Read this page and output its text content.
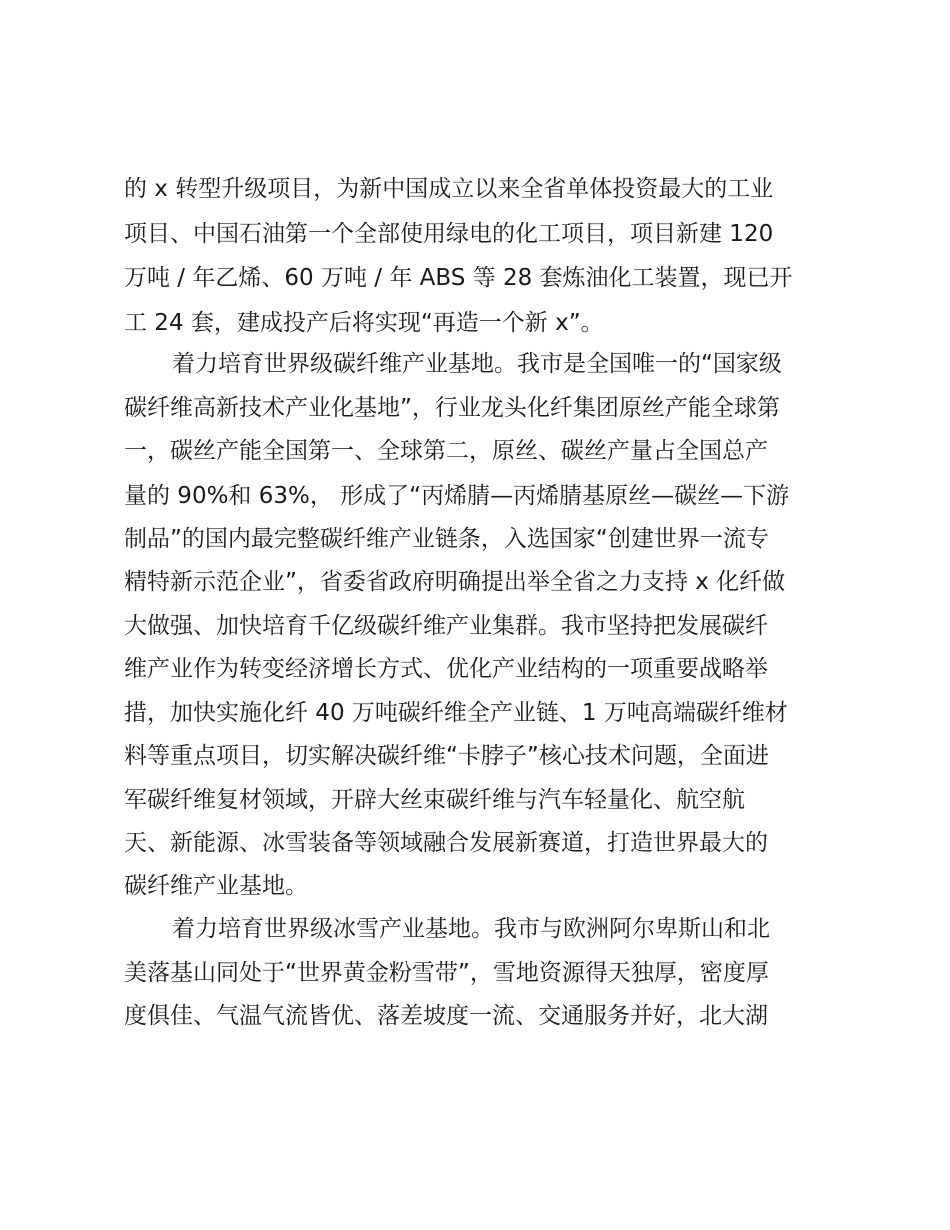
的 x 转型升级项目，为新中国成立以来全省单体投资最大的工业

项目、中国石油第一个全部使用绿电的化工项目，项目新建 120

万吨 / 年乙烯、60 万吨 / 年 ABS 等 28 套炼油化工装置，现已开

工 24 套，建成投产后将实现“再造一个新 x”。

着力培育世界级碳纤维产业基地。我市是全国唯一的“国家级

碳纤维高新技术产业化基地”，行业龙头化纤集团原丝产能全球第

一，碳丝产能全国第一、全球第二，原丝、碳丝产量占全国总产

量的 90%和 63%， 形成了“丙烯腈—丙烯腈基原丝—碳丝—下游

制品”的国内最完整碳纤维产业链条，入选国家“创建世界一流专

精特新示范企业”，省委省政府明确提出举全省之力支持 x 化纤做

大做强、加快培育千亿级碳纤维产业集群。我市坚持把发展碳纤

维产业作为转变经济增长方式、优化产业结构的一项重要战略举

措，加快实施化纤 40 万吨碳纤维全产业链、1 万吨高端碳纤维材

料等重点项目，切实解决碳纤维“卡脖子”核心技术问题，全面进

军碳纤维复材领域，开辟大丝束碳纤维与汽车轻量化、航空航

天、新能源、冰雪装备等领域融合发展新赛道，打造世界最大的

碳纤维产业基地。

着力培育世界级冰雪产业基地。我市与欧洲阿尔卑斯山和北

美落基山同处于“世界黄金粉雪带”，雪地资源得天独厚，密度厚

度俱佳、气温气流皆优、落差坡度一流、交通服务并好，北大湖
